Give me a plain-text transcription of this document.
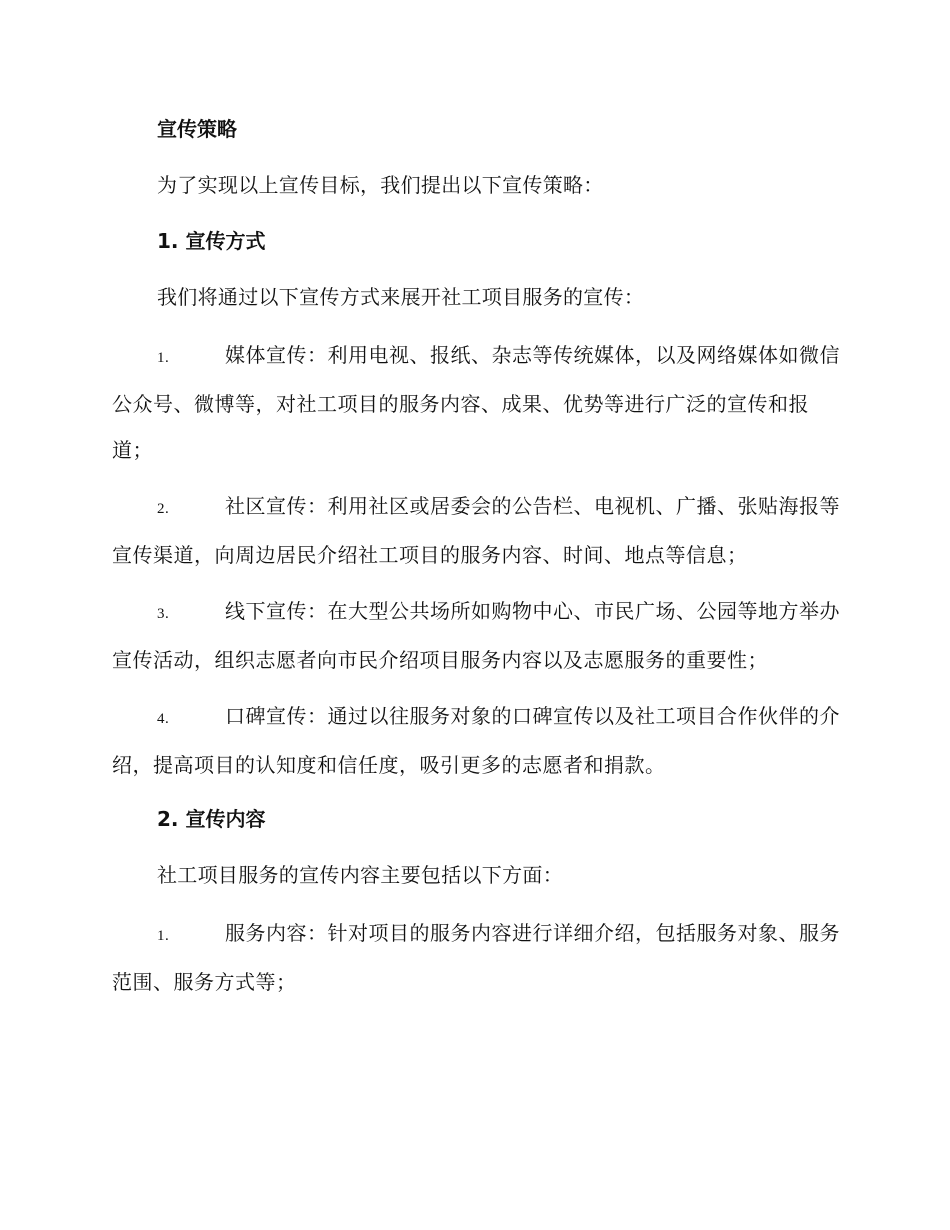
宣传策略
为了实现以上宣传目标，我们提出以下宣传策略：
1. 宣传方式
我们将通过以下宣传方式来展开社工项目服务的宣传：
1.	媒体宣传：利用电视、报纸、杂志等传统媒体，以及网络媒体如微信公众号、微博等，对社工项目的服务内容、成果、优势等进行广泛的宣传和报道；
2.	社区宣传：利用社区或居委会的公告栏、电视机、广播、张贴海报等宣传渠道，向周边居民介绍社工项目的服务内容、时间、地点等信息；
3.	线下宣传：在大型公共场所如购物中心、市民广场、公园等地方举办宣传活动，组织志愿者向市民介绍项目服务内容以及志愿服务的重要性；
4.	口碑宣传：通过以往服务对象的口碑宣传以及社工项目合作伙伴的介绍，提高项目的认知度和信任度，吸引更多的志愿者和捐款。
2. 宣传内容
社工项目服务的宣传内容主要包括以下方面：
1.	服务内容：针对项目的服务内容进行详细介绍，包括服务对象、服务范围、服务方式等；
